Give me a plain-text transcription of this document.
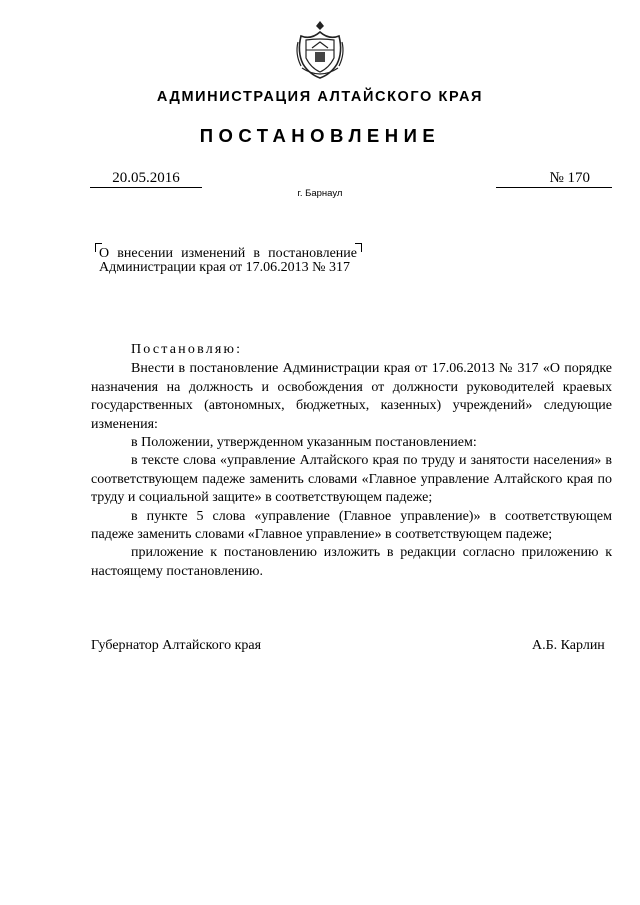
АДМИНИСТРАЦИЯ АЛТАЙСКОГО КРАЯ
ПОСТАНОВЛЕНИЕ
20.05.2016	№ 170
г. Барнаул
О внесении изменений в постановление Администрации края от 17.06.2013 № 317

Постановляю:

Внести в постановление Администрации края от 17.06.2013 № 317 «О порядке назначения на должность и освобождения от должности руководителей краевых государственных (автономных, бюджетных, казенных) учреждений» следующие изменения:

в Положении, утвержденном указанным постановлением:

в тексте слова «управление Алтайского края по труду и занятости населения» в соответствующем падеже заменить словами «Главное управление Алтайского края по труду и социальной защите» в соответствующем падеже;

в пункте 5 слова «управление (Главное управление)» в соответствующем падеже заменить словами «Главное управление» в соответствующем падеже;

приложение к постановлению изложить в редакции согласно приложению к настоящему постановлению.

Губернатор Алтайского края	А.Б. Карлин
